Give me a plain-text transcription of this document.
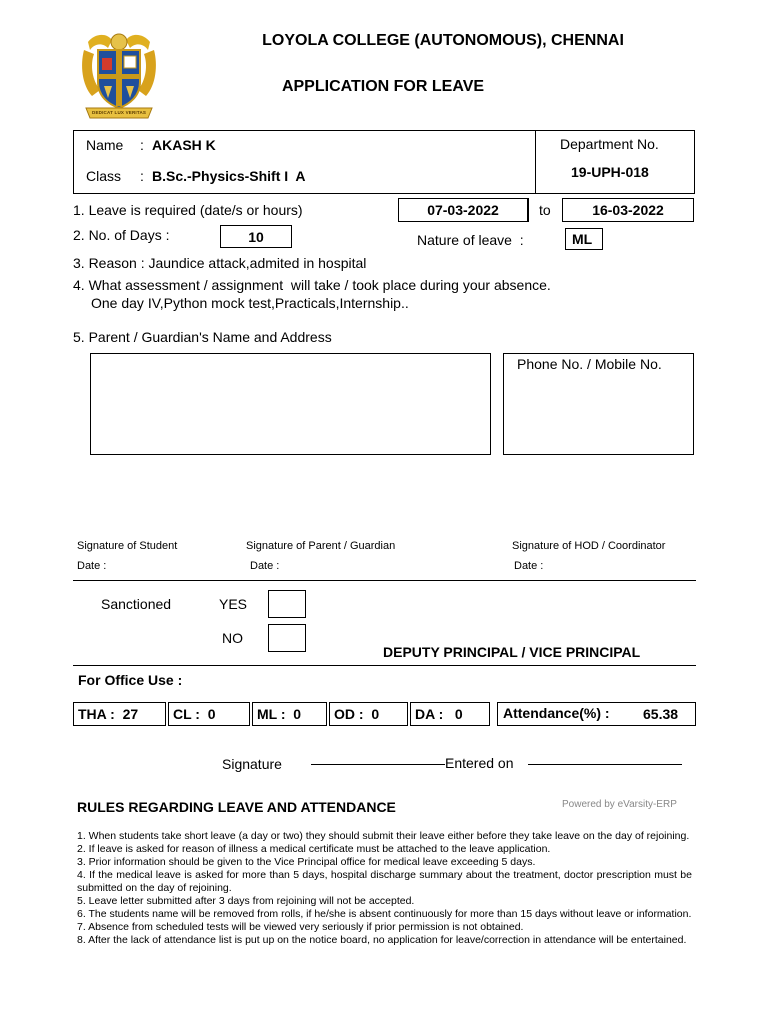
DEDICAT LUX VERITAS
LOYOLA COLLEGE (AUTONOMOUS), CHENNAI
APPLICATION FOR LEAVE
Name : AKASH K
Class : B.Sc.-Physics-Shift I  A
Department No.
19-UPH-018
1. Leave is required (date/s or hours)	07-03-2022	to	16-03-2022
2. No. of Days :	10	Nature of leave  :	ML
3. Reason : Jaundice attack,admited in hospital
4. What assessment / assignment  will take / took place during your absence.
One day IV,Python mock test,Practicals,Internship..
5. Parent / Guardian's Name and Address
Phone No. / Mobile No.
Signature of Student	Signature of Parent / Guardian	Signature of HOD / Coordinator
Date :	Date :	Date :
Sanctioned	YES
NO
DEPUTY PRINCIPAL / VICE PRINCIPAL
For Office Use :
THA :  27	CL :  0	ML :  0	OD :  0	DA :   0	Attendance(%) : 65.38
Signature	Entered on
RULES REGARDING LEAVE AND ATTENDANCE	Powered by eVarsity-ERP

1. When students take short leave (a day or two) they should submit their leave either before they take leave on the day of rejoining.

2. If leave is asked for reason of illness a medical certificate must be attached to the leave application.

3. Prior information should be given to the Vice Principal office for medical leave exceeding 5 days.

4. If the medical leave is asked for more than 5 days, hospital discharge summary about the treatment, doctor prescription must be submitted on the day of rejoining.

5. Leave letter submitted after 3 days from rejoining will not be accepted.

6. The students name will be removed from rolls, if he/she is absent continuously for more than 15 days without leave or information.

7. Absence from scheduled tests will be viewed very seriously if prior permission is not obtained.

8. After the lack of attendance list is put up on the notice board, no application for leave/correction in attendance will be entertained.
